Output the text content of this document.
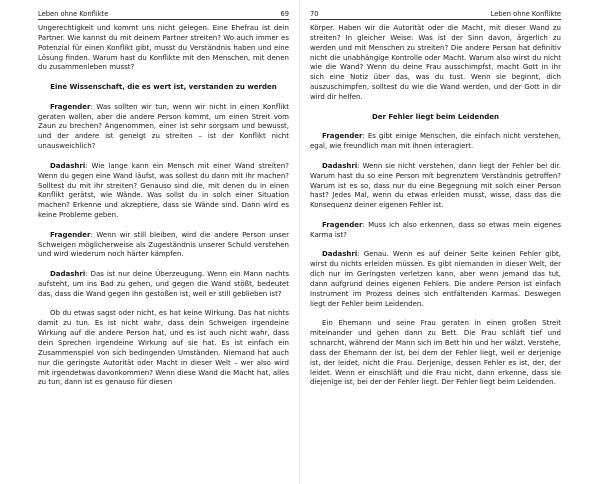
Leben ohne Konflikte	69

Ungerechtigkeit und kommt uns nicht gelegen. Eine Ehefrau ist dein Partner. Wie kannst du mit deinem Partner streiten? Wo auch immer es Potenzial für einen Konflikt gibt, musst du Verständnis haben und eine Lösung finden. Warum hast du Konflikte mit den Menschen, mit denen du zusammenleben musst?

Eine Wissenschaft, die es wert ist, verstanden zu werden

Fragender: Was sollten wir tun, wenn wir nicht in einen Konflikt geraten wollen, aber die andere Person kommt, um einen Streit vom Zaun zu brechen? Angenommen, einer ist sehr sorgsam und bewusst, und der andere ist geneigt zu streiten – ist der Konflikt nicht unausweichlich?

Dadashri: Wie lange kann ein Mensch mit einer Wand streiten? Wenn du gegen eine Wand läufst, was sollest du dann mit ihr machen? Solltest du mit ihr streiten? Genauso sind die, mit denen du in einen Konflikt gerätst, wie Wände. Was sollst du in solch einer Situation machen? Erkenne und akzeptiere, dass sie Wände sind. Dann wird es keine Probleme geben.

Fragender: Wenn wir still bleiben, wird die andere Person unser Schweigen möglicherweise als Zugeständnis unserer Schuld verstehen und wird wiederum noch härter kämpfen.

Dadashri: Das ist nur deine Überzeugung. Wenn ein Mann nachts aufsteht, um ins Bad zu gehen, und gegen die Wand stößt, bedeutet das, dass die Wand gegen ihn gestoßen ist, weil er still geblieben ist?

Ob du etwas sagst oder nicht, es hat keine Wirkung. Das hat nichts damit zu tun. Es ist nicht wahr, dass dein Schweigen irgendeine Wirkung auf die andere Person hat, und es ist auch nicht wahr, dass dein Sprechen irgendeine Wirkung auf sie hat. Es ist einfach ein Zusammenspiel von sich bedingenden Umständen. Niemand hat auch nur die geringste Autorität oder Macht in dieser Welt – wer also wird mit irgendetwas davonkommen? Wenn diese Wand die Macht hat, alles zu tun, dann ist es genauso für diesen

70	Leben ohne Konflikte

Körper. Haben wir die Autorität oder die Macht, mit dieser Wand zu streiten? In gleicher Weise: Was ist der Sinn davon, ärgerlich zu werden und mit Menschen zu streiten? Die andere Person hat definitiv nicht die unabhängige Kontrolle oder Macht. Warum also wirst du nicht wie die Wand? Wenn du deine Frau ausschimpfst, macht Gott in ihr sich eine Notiz über das, was du tust. Wenn sie beginnt, dich auszuschimpfen, solltest du wie die Wand werden, und der Gott in dir wird dir helfen.

Der Fehler liegt beim Leidenden

Fragender: Es gibt einige Menschen, die einfach nicht verstehen, egal, wie freundlich man mit ihnen interagiert.

Dadashri: Wenn sie nicht verstehen, dann liegt der Fehler bei dir. Warum hast du so eine Person mit begrenztem Verständnis getroffen? Warum ist es so, dass nur du eine Begegnung mit solch einer Person hast? Jedes Mal, wenn du etwas erleiden musst, wisse, dass das die Konsequenz deiner eigenen Fehler ist.

Fragender: Muss ich also erkennen, dass so etwas mein eigenes Karma ist?

Dadashri: Genau. Wenn es auf deiner Seite keinen Fehler gibt, wirst du nichts erleiden müssen. Es gibt niemanden in dieser Welt, der dich nur im Geringsten verletzen kann, aber wenn jemand das tut, dann aufgrund deines eigenen Fehlers. Die andere Person ist einfach Instrument im Prozess deines sich entfaltenden Karmas. Deswegen liegt der Fehler beim Leidenden.

Ein Ehemann und seine Frau geraten in einen großen Streit miteinander und gehen dann zu Bett. Die Frau schläft tief und schnarcht, während der Mann sich im Bett hin und her wälzt. Verstehe, dass der Ehemann der ist, bei dem der Fehler liegt, weil er derjenige ist, der leidet, nicht die Frau. Derjenige, dessen Fehler es ist, der, der leidet. Wenn er einschläft und die Frau nicht, dann erkenne, dass sie diejenige ist, bei der der Fehler liegt. Der Fehler liegt beim Leidenden.
